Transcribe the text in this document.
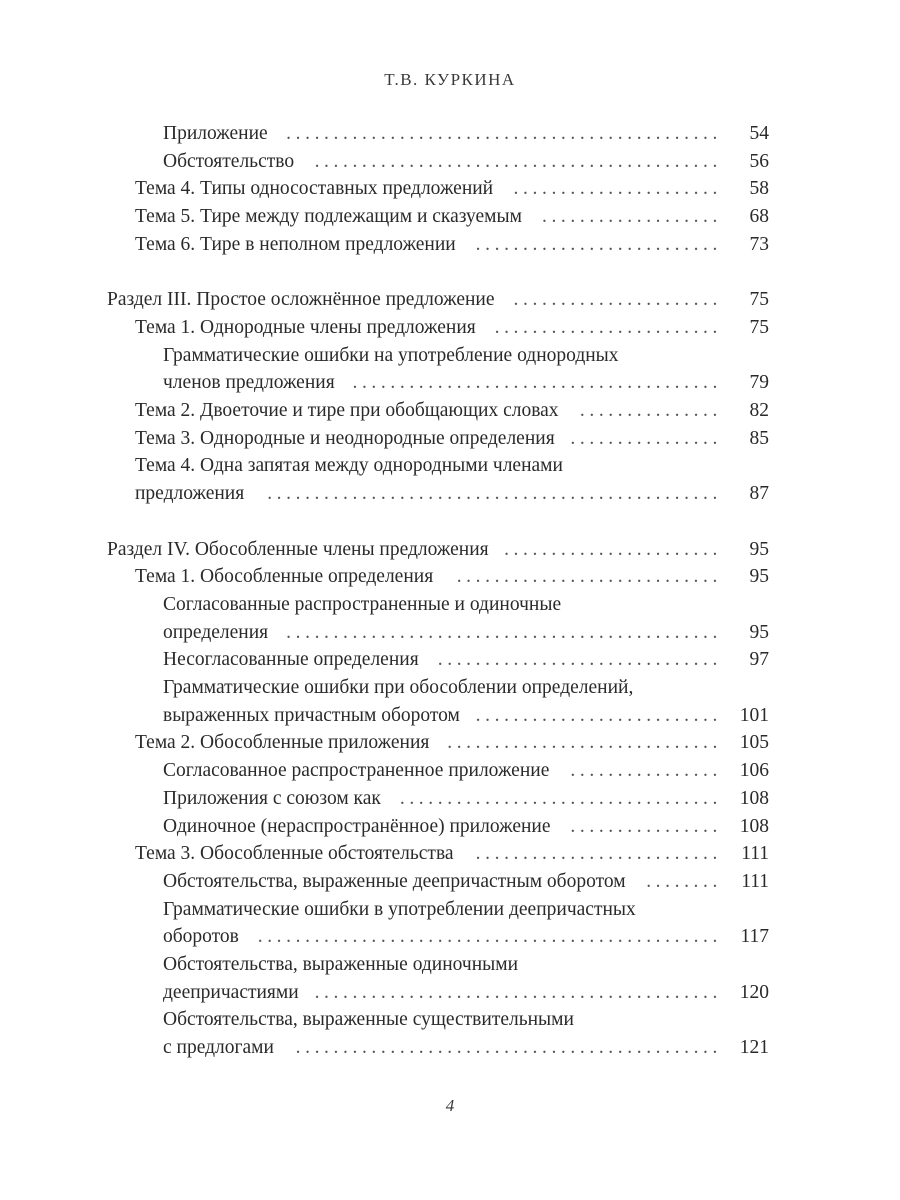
Т.В. КУРКИНА
Приложение .............................................. 54
Обстоятельство	........................................... 56
Тема 4. Типы односоставных предложений	...................... 58
Тема 5. Тире между подлежащим и сказуемым	................... 68
Тема 6. Тире в неполном предложении .......................... 73
Раздел III. Простое осложнённое предложение ...................... 75
Тема 1. Однородные члены предложения ........................ 75
Грамматические ошибки на употребление однородных
членов предложения ....................................... 79
Тема 2. Двоеточие и тире при обобщающих словах	............... 82
Тема 3. Однородные и неоднородные определения ................ 85
Тема 4. Одна запятая между однородными членами
предложения	................................................ 87
Раздел IV. Обособленные члены предложения ....................... 95
Тема 1. Обособленные определения	............................ 95
Согласованные распространенные и одиночные
определения .............................................. 95
Несогласованные определения .............................. 97
Грамматические ошибки при обособлении определений,
выраженных причастным оборотом .......................... 101
Тема 2. Обособленные приложения ............................. 105
Согласованное распространенное приложение	................ 106
Приложения с союзом как .................................. 108
Одиночное (нераспространённое) приложение ................ 108
Тема 3. Обособленные обстоятельства	.......................... 111
Обстоятельства, выраженные деепричастным оборотом	........ 111
Грамматические ошибки в употреблении деепричастных
оборотов ................................................. 117
Обстоятельства, выраженные одиночными
деепричастиями ........................................... 120
Обстоятельства, выраженные существительными
с предлогами	............................................. 121
4
